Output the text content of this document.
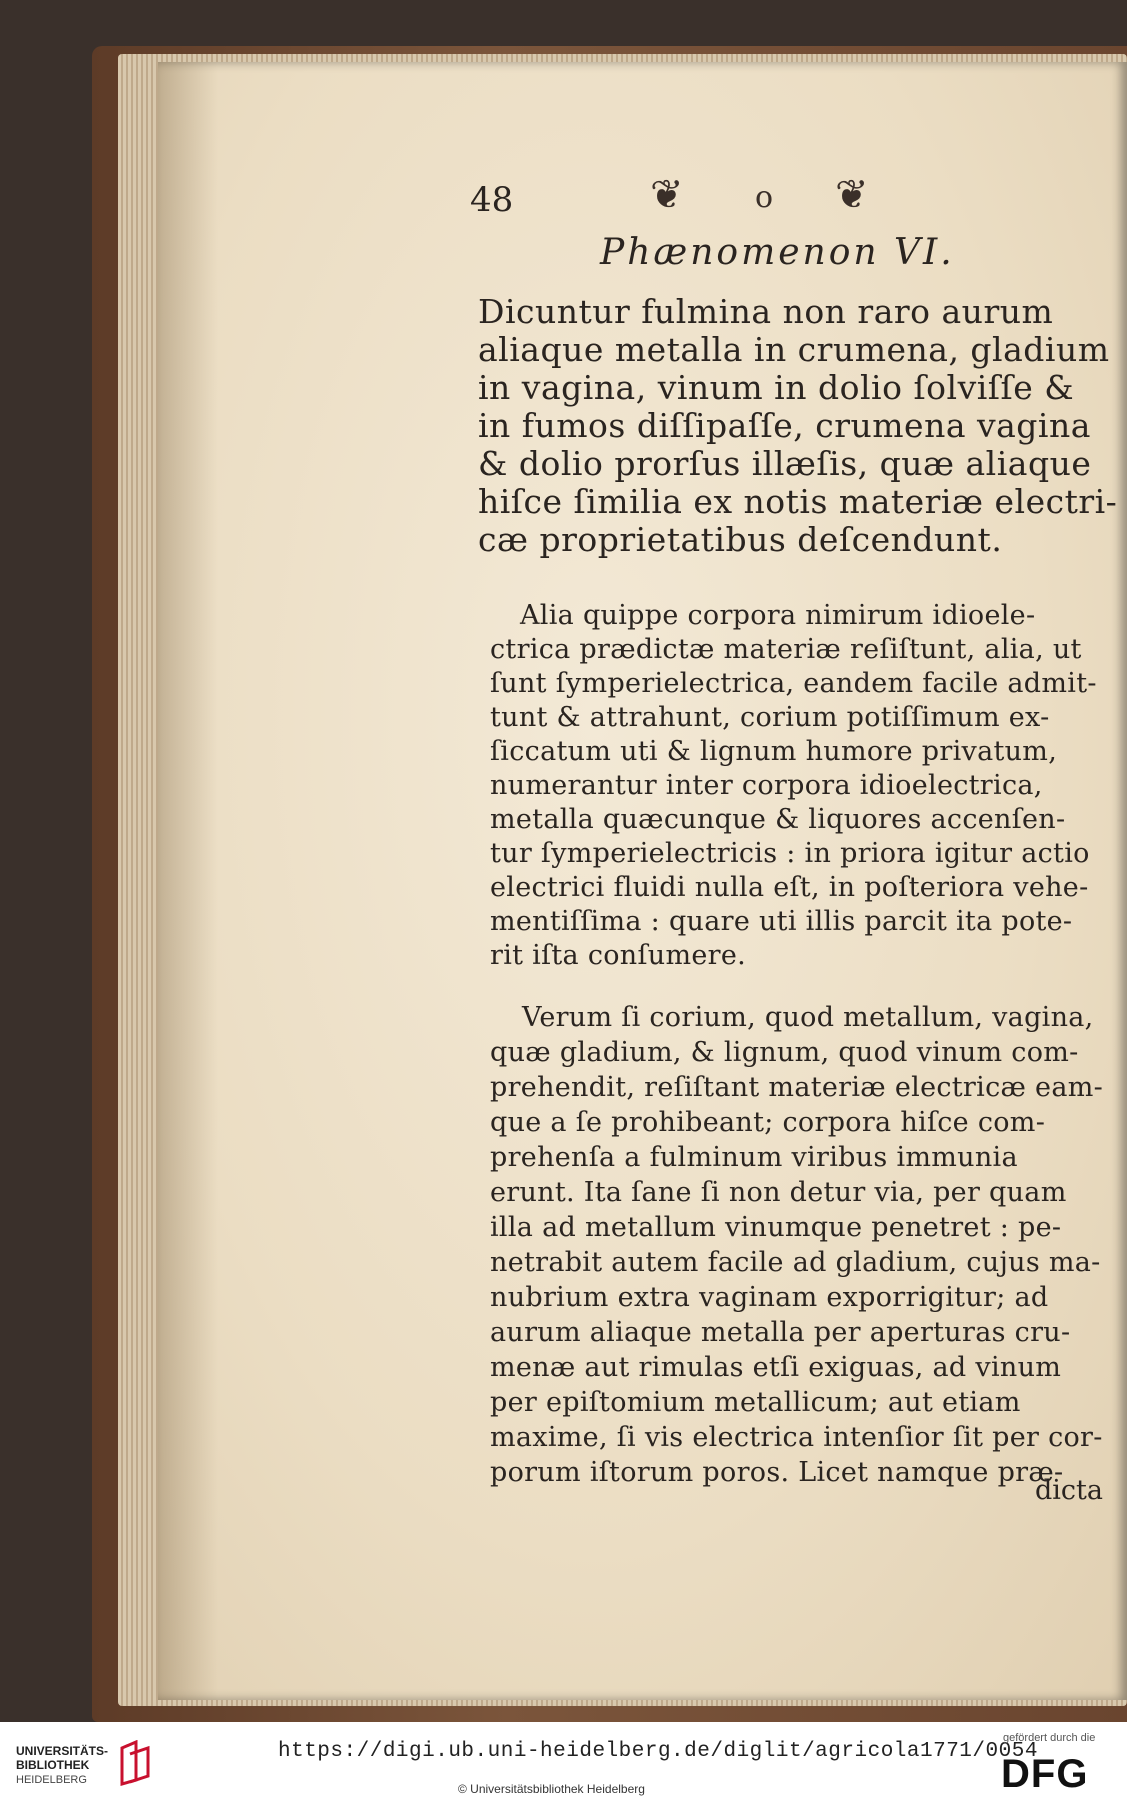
48	❦ o ❦
Phænomenon VI.
Dicuntur fulmina non raro aurum
aliaque metalla in crumena, gladium
in vagina, vinum in dolio ſolviſſe &
in fumos diſſipaſſe, crumena vagina
& dolio prorſus illæſis, quæ aliaque
hiſce ſimilia ex notis materiæ electri-
cæ proprietatibus deſcendunt.
Alia quippe corpora nimirum idioele-
ctrica prædictæ materiæ reſiſtunt, alia, ut
ſunt ſymperielectrica, eandem facile admit-
tunt & attrahunt, corium potiſſimum ex-
ſiccatum uti & lignum humore privatum,
numerantur inter corpora idioelectrica,
metalla quæcunque & liquores accenſen-
tur ſymperielectricis : in priora igitur actio
electrici fluidi nulla eſt, in poſteriora vehe-
mentiſſima : quare uti illis parcit ita pote-
rit iſta conſumere.
Verum ſi corium, quod metallum, vagina,
quæ gladium, & lignum, quod vinum com-
prehendit, reſiſtant materiæ electricæ eam-
que a ſe prohibeant; corpora hiſce com-
prehenſa a fulminum viribus immunia
erunt. Ita ſane ſi non detur via, per quam
illa ad metallum vinumque penetret : pe-
netrabit autem facile ad gladium, cujus ma-
nubrium extra vaginam exporrigitur; ad
aurum aliaque metalla per aperturas cru-
menæ aut rimulas etſi exiguas, ad vinum
per epiſtomium metallicum; aut etiam
maxime, ſi vis electrica intenſior ſit per cor-
porum iſtorum poros. Licet namque præ-
dicta
UNIVERSITÄTS-
BIBLIOTHEK
HEIDELBERG
https://digi.ub.uni-heidelberg.de/diglit/agricola1771/0054
© Universitätsbibliothek Heidelberg
gefördert durch die
DFG
